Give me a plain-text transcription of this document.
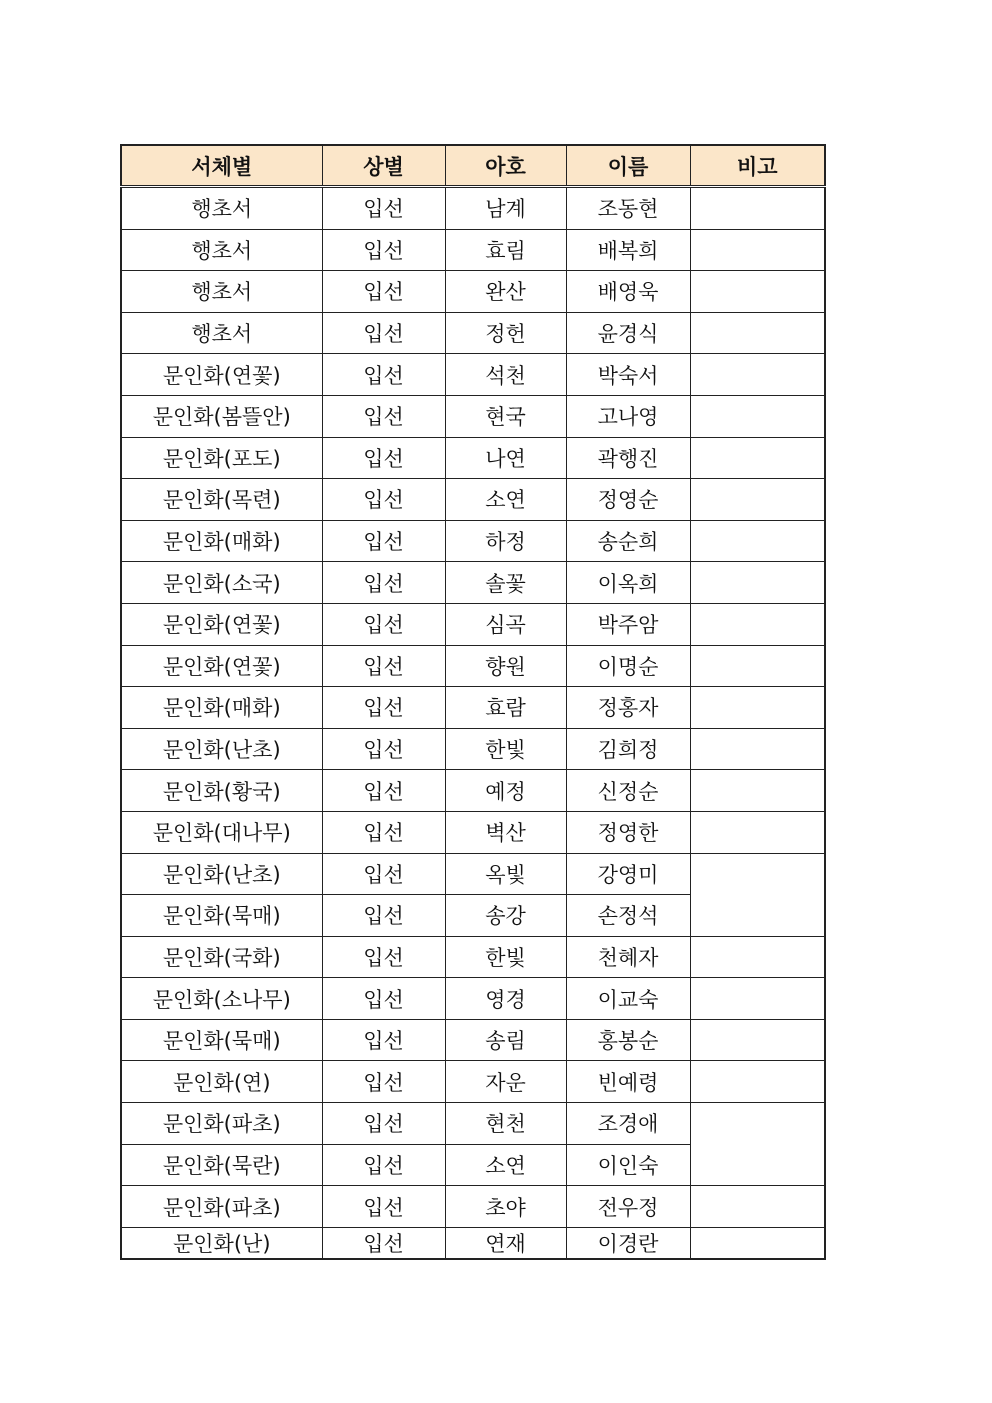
서체별	상별	아호	이름	비고
행초서	입선	남계	조동현	
행초서	입선	효림	배복희	
행초서	입선	완산	배영욱	
행초서	입선	정헌	윤경식	
문인화(연꽃)	입선	석천	박숙서	
문인화(봄뜰안)	입선	현국	고나영	
문인화(포도)	입선	나연	곽행진	
문인화(목련)	입선	소연	정영순	
문인화(매화)	입선	하정	송순희	
문인화(소국)	입선	솔꽃	이옥희	
문인화(연꽃)	입선	심곡	박주암	
문인화(연꽃)	입선	향원	이명순	
문인화(매화)	입선	효람	정홍자	
문인화(난초)	입선	한빛	김희정	
문인화(황국)	입선	예정	신정순	
문인화(대나무)	입선	벽산	정영한	
문인화(난초)	입선	옥빛	강영미	
문인화(묵매)	입선	송강	손정석	
문인화(국화)	입선	한빛	천혜자	
문인화(소나무)	입선	영경	이교숙	
문인화(묵매)	입선	송림	홍봉순	
문인화(연)	입선	자운	빈예령	
문인화(파초)	입선	현천	조경애	
문인화(묵란)	입선	소연	이인숙	
문인화(파초)	입선	초야	전우정	
문인화(난)	입선	연재	이경란	
